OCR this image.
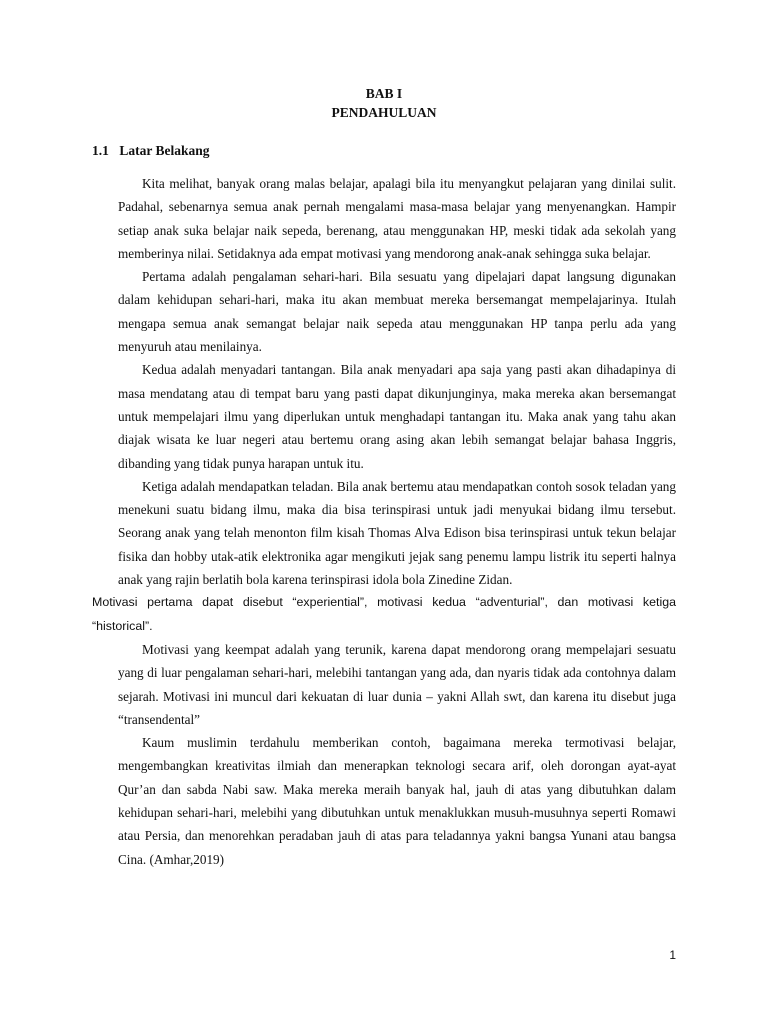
BAB I
PENDAHULUAN
1.1 Latar Belakang

Kita melihat, banyak orang malas belajar, apalagi bila itu menyangkut pelajaran yang dinilai sulit. Padahal, sebenarnya semua anak pernah mengalami masa-masa belajar yang menyenangkan. Hampir setiap anak suka belajar naik sepeda, berenang, atau menggunakan HP, meski tidak ada sekolah yang memberinya nilai. Setidaknya ada empat motivasi yang mendorong anak-anak sehingga suka belajar.

Pertama adalah pengalaman sehari-hari. Bila sesuatu yang dipelajari dapat langsung digunakan dalam kehidupan sehari-hari, maka itu akan membuat mereka bersemangat mempelajarinya. Itulah mengapa semua anak semangat belajar naik sepeda atau menggunakan HP tanpa perlu ada yang menyuruh atau menilainya.

Kedua adalah menyadari tantangan. Bila anak menyadari apa saja yang pasti akan dihadapinya di masa mendatang atau di tempat baru yang pasti dapat dikunjunginya, maka mereka akan bersemangat untuk mempelajari ilmu yang diperlukan untuk menghadapi tantangan itu. Maka anak yang tahu akan diajak wisata ke luar negeri atau bertemu orang asing akan lebih semangat belajar bahasa Inggris, dibanding yang tidak punya harapan untuk itu.

Ketiga adalah mendapatkan teladan. Bila anak bertemu atau mendapatkan contoh sosok teladan yang menekuni suatu bidang ilmu, maka dia bisa terinspirasi untuk jadi menyukai bidang ilmu tersebut. Seorang anak yang telah menonton film kisah Thomas Alva Edison bisa terinspirasi untuk tekun belajar fisika dan hobby utak-atik elektronika agar mengikuti jejak sang penemu lampu listrik itu seperti halnya anak yang rajin berlatih bola karena terinspirasi idola bola Zinedine Zidan.

Motivasi pertama dapat disebut “experiential”, motivasi kedua “adventurial”, dan motivasi ketiga “historical”.

Motivasi yang keempat adalah yang terunik, karena dapat mendorong orang mempelajari sesuatu yang di luar pengalaman sehari-hari, melebihi tantangan yang ada, dan nyaris tidak ada contohnya dalam sejarah. Motivasi ini muncul dari kekuatan di luar dunia – yakni Allah swt, dan karena itu disebut juga “transendental”

Kaum muslimin terdahulu memberikan contoh, bagaimana mereka termotivasi belajar, mengembangkan kreativitas ilmiah dan menerapkan teknologi secara arif, oleh dorongan ayat-ayat Qur’an dan sabda Nabi saw. Maka mereka meraih banyak hal, jauh di atas yang dibutuhkan dalam kehidupan sehari-hari, melebihi yang dibutuhkan untuk menaklukkan musuh-musuhnya seperti Romawi atau Persia, dan menorehkan peradaban jauh di atas para teladannya yakni bangsa Yunani atau bangsa Cina. (Amhar,2019)

1
